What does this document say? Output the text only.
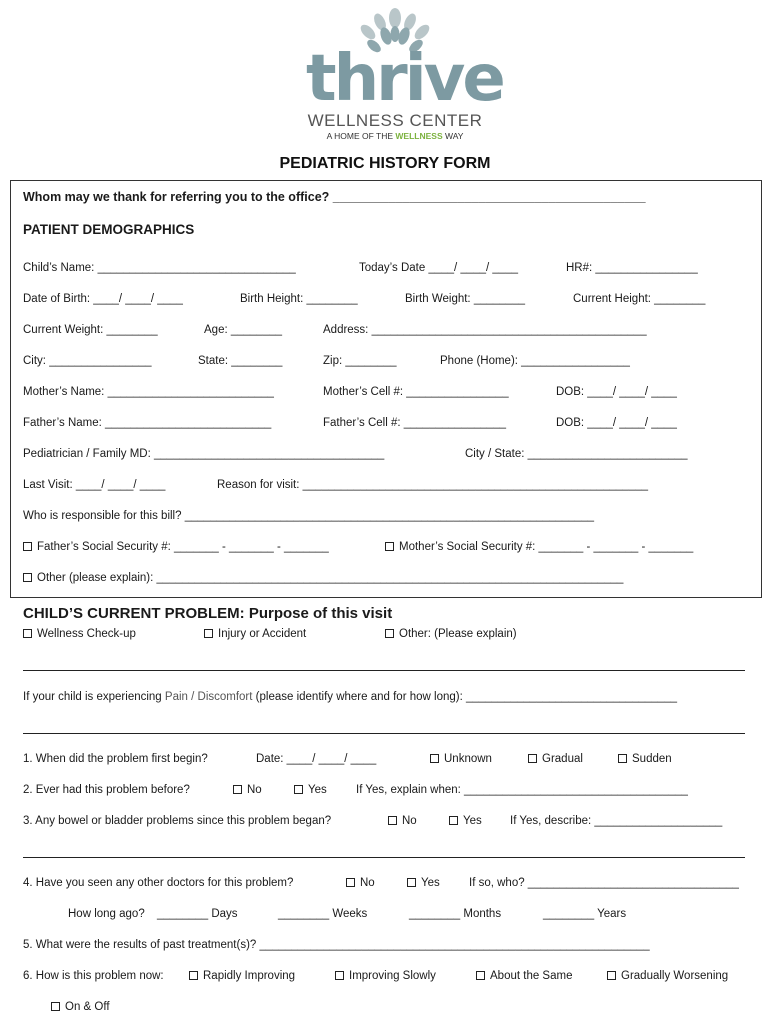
thrive
WELLNESS CENTER
A HOME OF THE WELLNESS WAY
PEDIATRIC HISTORY FORM
Whom may we thank for referring you to the office? _____________________________________________
PATIENT DEMOGRAPHICS
Child’s Name: _______________________________	Today’s Date ____/ ____/ ____	HR#: ________________
Date of Birth: ____/ ____/ ____	Birth Height: ________	Birth Weight: ________	Current Height: ________
Current Weight: ________	Age: ________	Address: ___________________________________________
City: ________________	State: ________	Zip: ________	Phone (Home): _________________
Mother’s Name: __________________________	Mother’s Cell #: ________________	DOB: ____/ ____/ ____
Father’s Name: __________________________	Father’s Cell #: ________________	DOB: ____/ ____/ ____
Pediatrician / Family MD: ____________________________________	City / State: _________________________
Last Visit: ____/ ____/ ____	Reason for visit: ______________________________________________________
Who is responsible for this bill? ________________________________________________________________
Father’s Social Security #: _______ - _______ - _______	Mother’s Social Security #: _______ - _______ - _______
Other (please explain): _________________________________________________________________________
CHILD’S CURRENT PROBLEM: Purpose of this visit
Wellness Check-up	Injury or Accident	Other: (Please explain)
If your child is experiencing Pain / Discomfort (please identify where and for how long): _________________________________
1. When did the problem first begin?	Date: ____/ ____/ ____	Unknown	Gradual	Sudden
2. Ever had this problem before?	No	Yes	If Yes, explain when: ___________________________________
3. Any bowel or bladder problems since this problem began?	No	Yes If Yes, describe: ____________________
4. Have you seen any other doctors for this problem?	No	Yes	If so, who? _________________________________
How long ago? ________ Days	________ Weeks	________ Months	________ Years
5. What were the results of past treatment(s)? _____________________________________________________________
6. How is this problem now:	Rapidly Improving	Improving Slowly	About the Same	Gradually Worsening
On & Off
